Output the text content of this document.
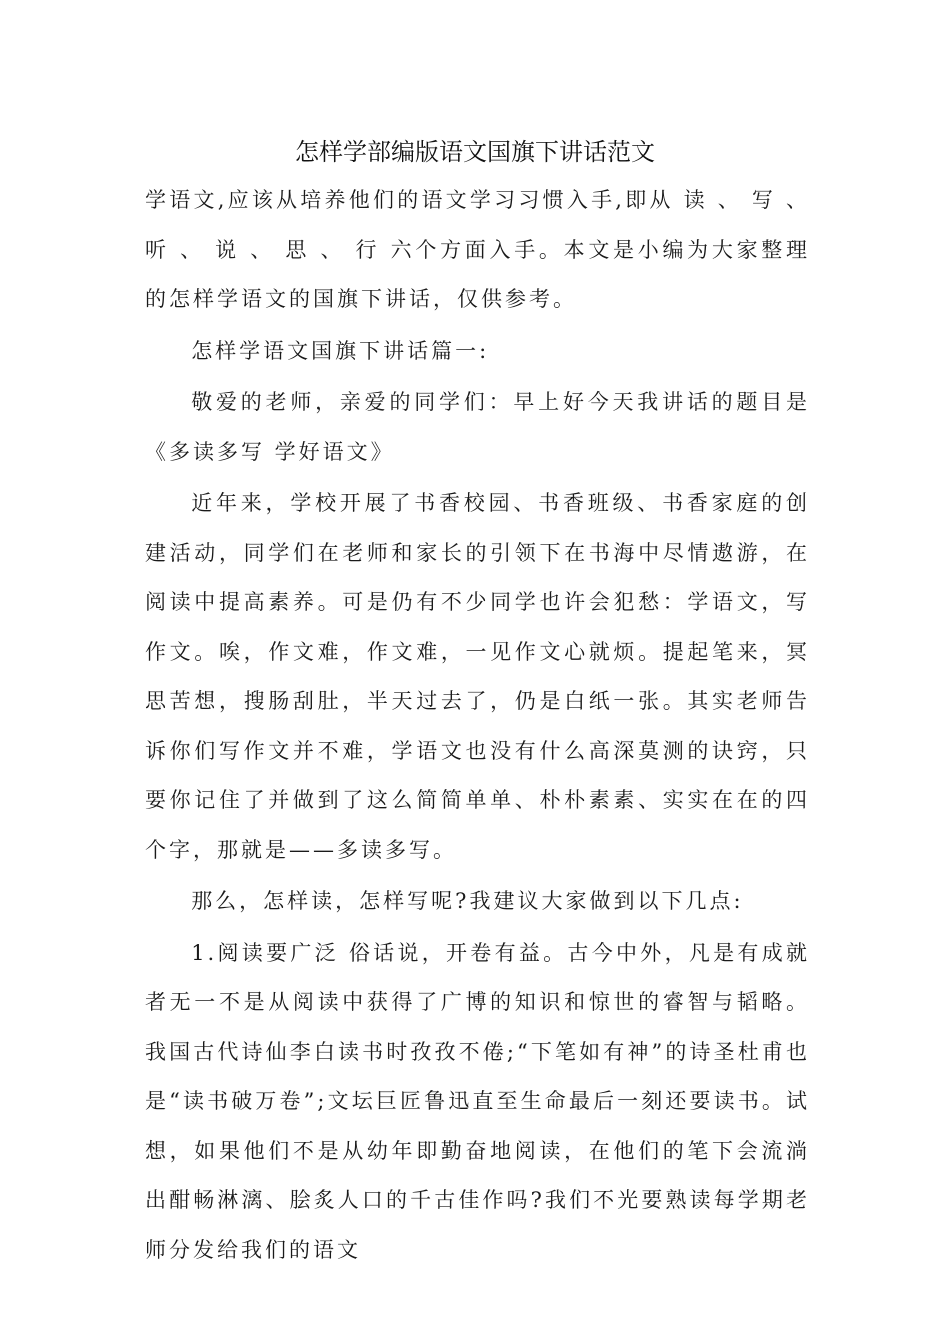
怎样学部编版语文国旗下讲话范文

学语文,应该从培养他们的语文学习习惯入手,即从 读 、 写 、 听 、 说 、 思 、 行 六个方面入手。本文是小编为大家整理的怎样学语文的国旗下讲话，仅供参考。

怎样学语文国旗下讲话篇一:

敬爱的老师，亲爱的同学们：早上好今天我讲话的题目是《多读多写 学好语文》

近年来，学校开展了书香校园、书香班级、书香家庭的创建活动，同学们在老师和家长的引领下在书海中尽情遨游，在阅读中提高素养。可是仍有不少同学也许会犯愁：学语文，写作文。唉，作文难，作文难，一见作文心就烦。提起笔来，冥思苦想，搜肠刮肚，半天过去了，仍是白纸一张。其实老师告诉你们写作文并不难，学语文也没有什么高深莫测的诀窍，只要你记住了并做到了这么简简单单、朴朴素素、实实在在的四个字，那就是——多读多写。

那么，怎样读，怎样写呢?我建议大家做到以下几点:

1.阅读要广泛 俗话说，开卷有益。古今中外，凡是有成就者无一不是从阅读中获得了广博的知识和惊世的睿智与韬略。我国古代诗仙李白读书时孜孜不倦;“下笔如有神”的诗圣杜甫也是“读书破万卷”;文坛巨匠鲁迅直至生命最后一刻还要读书。试想，如果他们不是从幼年即勤奋地阅读，在他们的笔下会流淌出酣畅淋漓、脍炙人口的千古佳作吗?我们不光要熟读每学期老师分发给我们的语文
